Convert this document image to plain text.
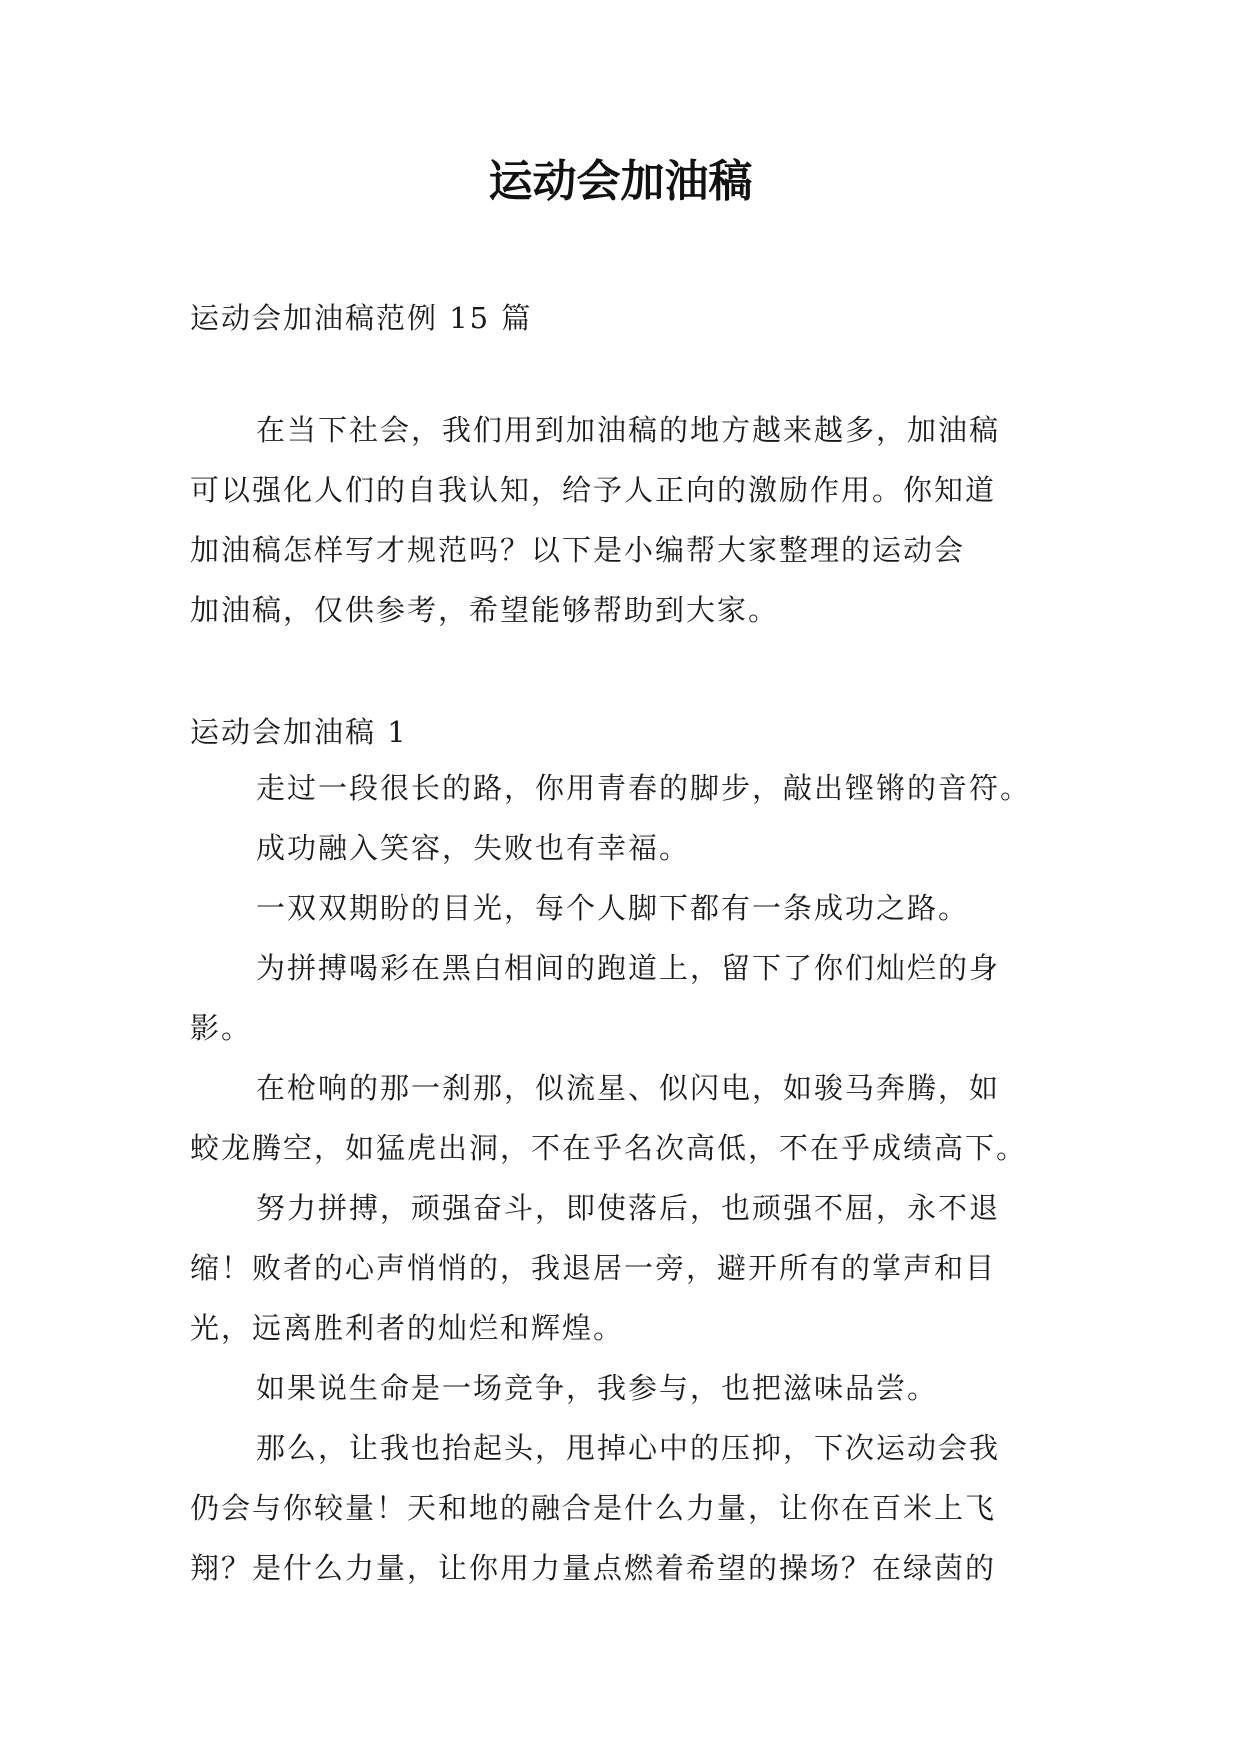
运动会加油稿

运动会加油稿范例 15 篇

在当下社会，我们用到加油稿的地方越来越多，加油稿
可以强化人们的自我认知，给予人正向的激励作用。你知道
加油稿怎样写才规范吗？以下是小编帮大家整理的运动会
加油稿，仅供参考，希望能够帮助到大家。

运动会加油稿 1

走过一段很长的路，你用青春的脚步，敲出铿锵的音符。
成功融入笑容，失败也有幸福。
一双双期盼的目光，每个人脚下都有一条成功之路。
为拼搏喝彩在黑白相间的跑道上，留下了你们灿烂的身
影。
在枪响的那一刹那，似流星、似闪电，如骏马奔腾，如
蛟龙腾空，如猛虎出洞，不在乎名次高低，不在乎成绩高下。
努力拼搏，顽强奋斗，即使落后，也顽强不屈，永不退
缩！败者的心声悄悄的，我退居一旁，避开所有的掌声和目
光，远离胜利者的灿烂和辉煌。
如果说生命是一场竞争，我参与，也把滋味品尝。
那么，让我也抬起头，甩掉心中的压抑，下次运动会我
仍会与你较量！天和地的融合是什么力量，让你在百米上飞
翔？是什么力量，让你用力量点燃着希望的操场？在绿茵的
